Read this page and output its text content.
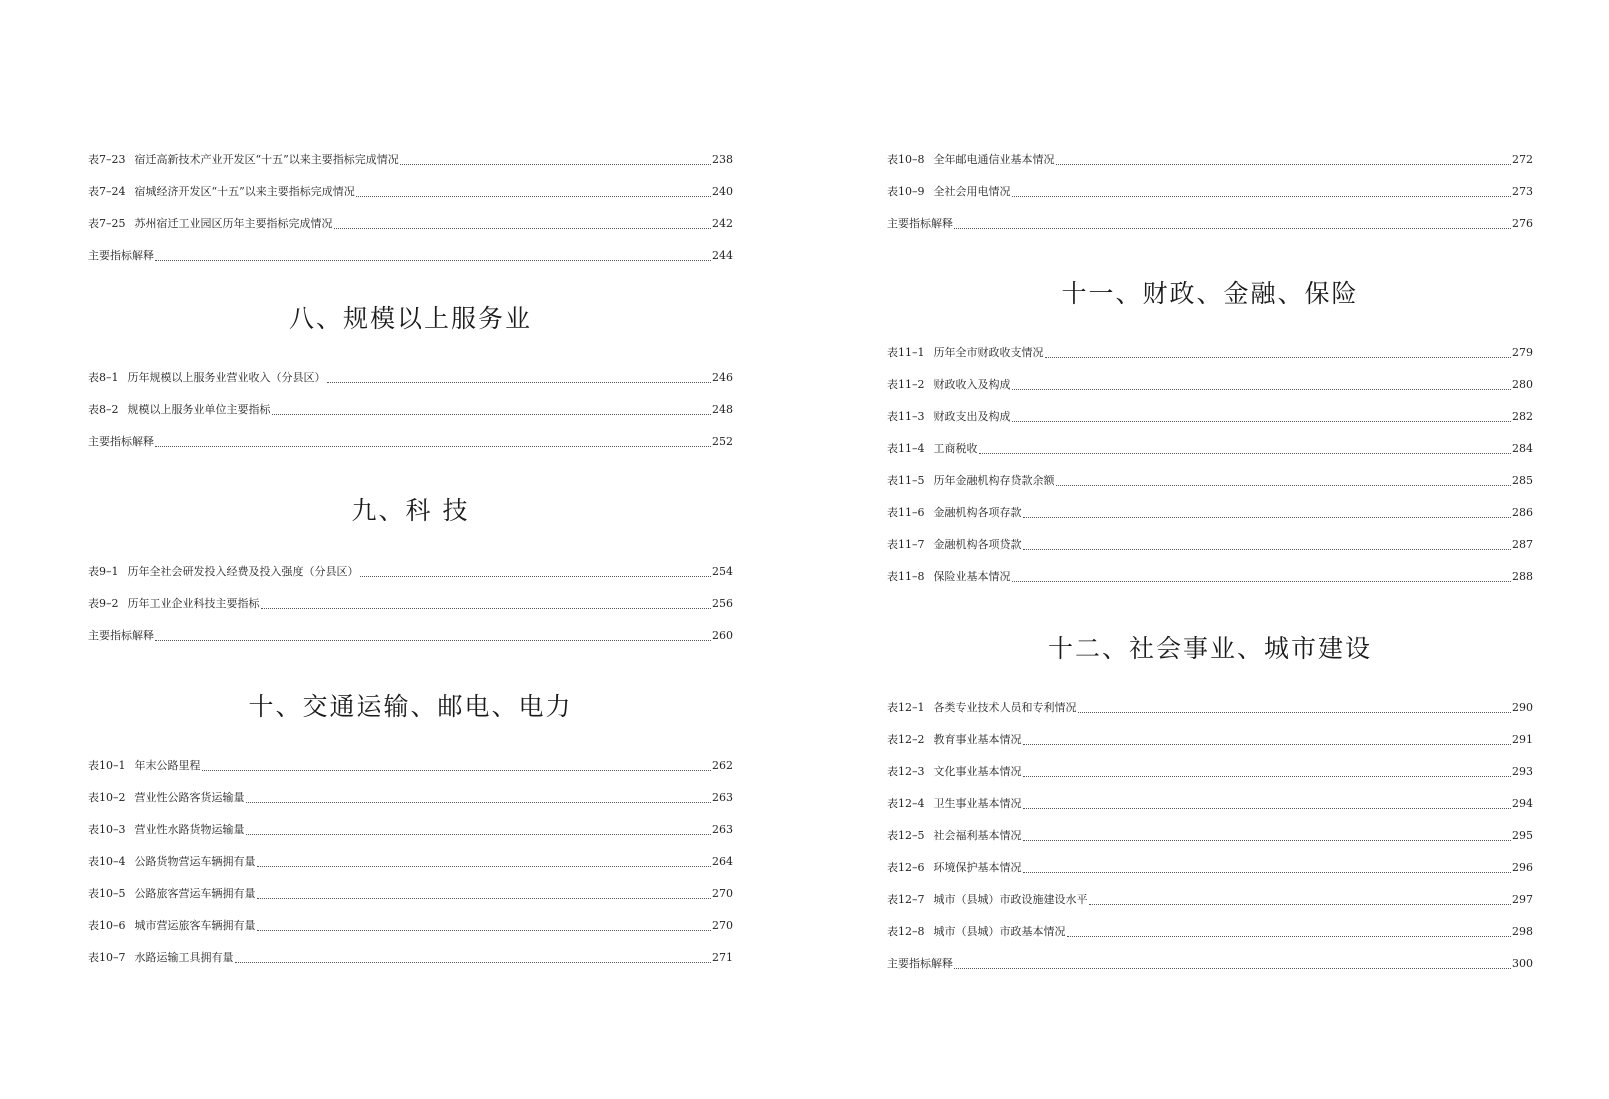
表7–23 宿迁高新技术产业开发区“十五”以来主要指标完成情况	238
表7–24 宿城经济开发区“十五”以来主要指标完成情况	240
表7–25 苏州宿迁工业园区历年主要指标完成情况	242
主要指标解释	244
八、规模以上服务业
表8–1 历年规模以上服务业营业收入（分县区）	246
表8–2 规模以上服务业单位主要指标	248
主要指标解释	252
九、科 技
表9–1 历年全社会研发投入经费及投入强度（分县区）	254
表9–2 历年工业企业科技主要指标	256
主要指标解释	260
十、交通运输、邮电、电力
表10–1 年末公路里程	262
表10–2 营业性公路客货运输量	263
表10–3 营业性水路货物运输量	263
表10–4 公路货物营运车辆拥有量	264
表10–5 公路旅客营运车辆拥有量	270
表10–6 城市营运旅客车辆拥有量	270
表10–7 水路运输工具拥有量	271
表10–8 全年邮电通信业基本情况	272
表10–9 全社会用电情况	273
主要指标解释	276
十一、财政、金融、保险
表11–1 历年全市财政收支情况	279
表11–2 财政收入及构成	280
表11–3 财政支出及构成	282
表11–4 工商税收	284
表11–5 历年金融机构存贷款余额	285
表11–6 金融机构各项存款	286
表11–7 金融机构各项贷款	287
表11–8 保险业基本情况	288
十二、社会事业、城市建设
表12–1 各类专业技术人员和专利情况	290
表12–2 教育事业基本情况	291
表12–3 文化事业基本情况	293
表12–4 卫生事业基本情况	294
表12–5 社会福利基本情况	295
表12–6 环境保护基本情况	296
表12–7 城市（县城）市政设施建设水平	297
表12–8 城市（县城）市政基本情况	298
主要指标解释	300
